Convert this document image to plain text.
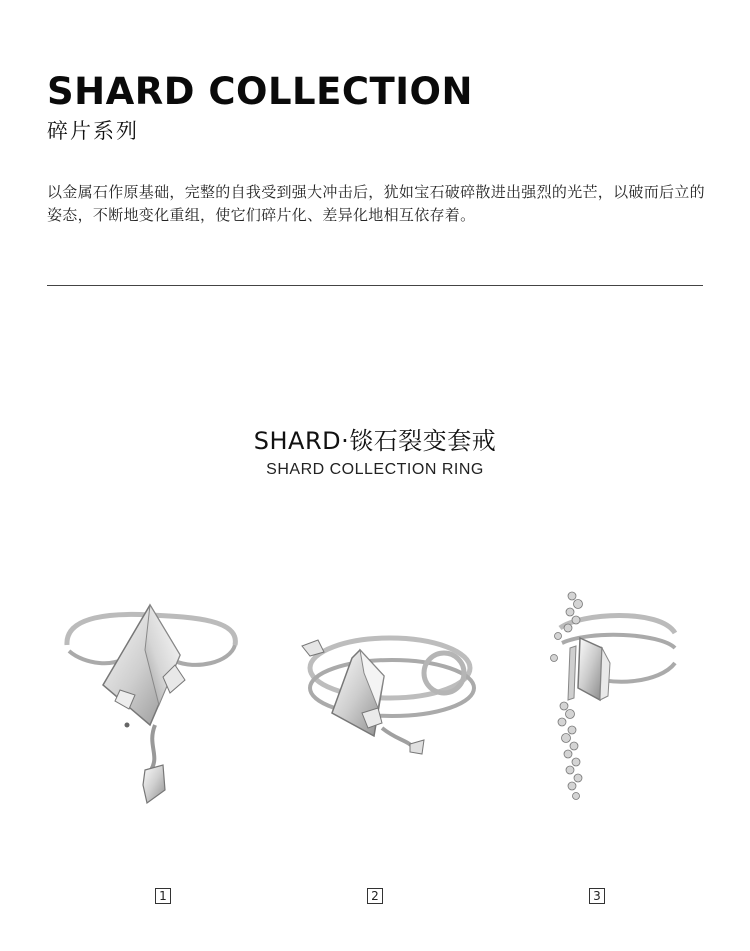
SHARD COLLECTION
碎片系列

以金属石作原基础，完整的自我受到强大冲击后，犹如宝石破碎散进出强烈的光芒，以破而后立的姿态，不断地变化重组，使它们碎片化、差异化地相互依存着。

SHARD·锬石裂变套戒
SHARD COLLECTION RING
1	2	3
